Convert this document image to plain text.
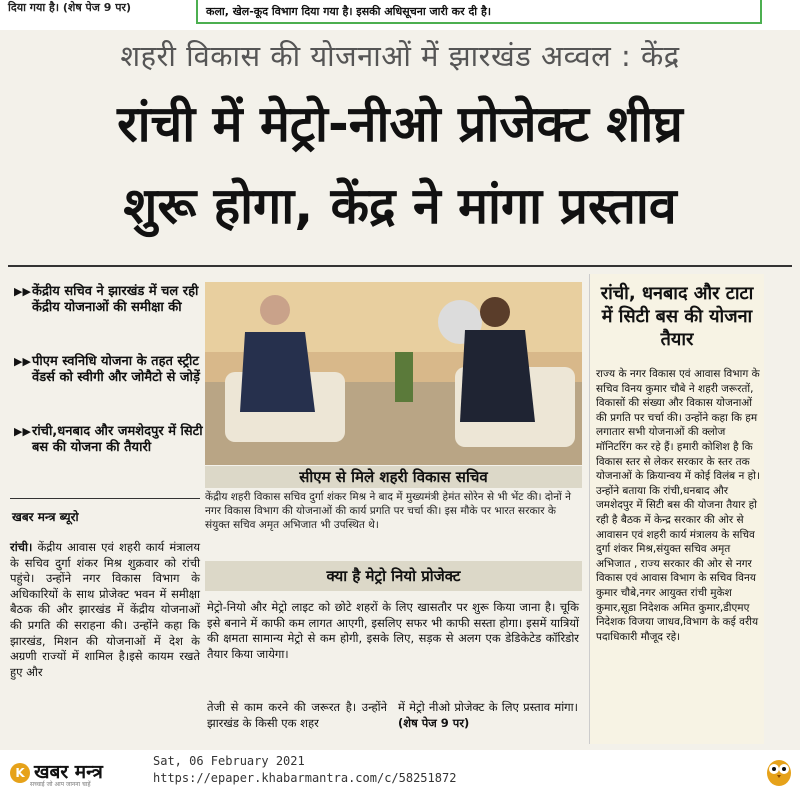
दिया गया है। (शेष पेज 9 पर)	कला, खेल-कूद विभाग दिया गया है। इसकी अधिसूचना जारी कर दी है।
शहरी विकास की योजनाओं में झारखंड अव्वल : केंद्र
रांची में मेट्रो-नीओ प्रोजेक्ट शीघ्र
शुरू होगा, केंद्र ने मांगा प्रस्ताव
▶▶ केंद्रीय सचिव ने झारखंड में चल रही केंद्रीय योजनाओं की समीक्षा की
▶▶ पीएम स्वनिधि योजना के तहत स्ट्रीट वेंडर्स को स्वीगी और जोमैटो से जोड़ें
▶▶ रांची,धनबाद और जमशेदपुर में सिटी बस की योजना की तैयारी
खबर मन्त्र ब्यूरो
रांची। केंद्रीय आवास एवं शहरी कार्य मंत्रालय के सचिव दुर्गा शंकर मिश्र शुक्रवार को रांची पहुंचे। उन्होंने नगर विकास विभाग के अधिकारियों के साथ प्रोजेक्ट भवन में समीक्षा बैठक की और झारखंड में केंद्रीय योजनाओं की प्रगति की सराहना की। उन्होंने कहा कि झारखंड, मिशन की योजनाओं में देश के अग्रणी राज्यों में शामिल है।इसे कायम रखते हुए और
सीएम से मिले शहरी विकास सचिव
केंद्रीय शहरी विकास सचिव दुर्गा शंकर मिश्र ने बाद में मुख्यमंत्री हेमंत सोरेन से भी भेंट की। दोनों ने नगर विकास विभाग की योजनाओं की कार्य प्रगति पर चर्चा की। इस मौके पर भारत सरकार के संयुक्त सचिव अमृत अभिजात भी उपस्थित थे।
क्या है मेट्रो नियो प्रोजेक्ट
मेट्रो-नियो और मेट्रो लाइट को छोटे शहरों के लिए खासतौर पर शुरू किया जाना है। चूकि इसे बनाने में काफी कम लागत आएगी, इसलिए सफर भी काफी सस्ता होगा। इसमें यात्रियों की क्षमता सामान्य मेट्रो से कम होगी, इसके लिए, सड़क से अलग एक डेडिकेटेड कॉरिडोर तैयार किया जायेगा।
तेजी से काम करने की जरूरत है। उन्होंने झारखंड के किसी एक शहर
में मेट्रो नीओ प्रोजेक्ट के लिए प्रस्ताव मांगा। (शेष पेज 9 पर)
रांची, धनबाद और टाटा में सिटी बस की योजना तैयार
राज्य के नगर विकास एवं आवास विभाग के सचिव विनय कुमार चौबे ने शहरी जरूरतों, विकासों की संख्या और विकास योजनाओं की प्रगति पर चर्चा की। उन्होंने कहा कि हम लगातार सभी योजनाओं की क्लोज मॉनिटरिंग कर रहे हैं। हमारी कोशिश है कि विकास स्तर से लेकर सरकार के स्तर तक योजनाओं के क्रियान्वय में कोई विलंब न हो। उन्होंने बताया कि रांची,धनबाद और जमशेदपुर में सिटी बस की योजना तैयार हो रही है बैठक में केन्द्र सरकार की ओर से आवासन एवं शहरी कार्य मंत्रालय के सचिव दुर्गा शंकर मिश्र,संयुक्त सचिव अमृत अभिजात , राज्य सरकार की ओर से नगर विकास एवं आवास विभाग के सचिव विनय कुमार चौबे,नगर आयुक्त रांची मुकेश कुमार,सूडा निदेशक अमित कुमार,डीएमए निदेशक विजया जाधव,विभाग के कई वरीय पदाधिकारी मौजूद रहे।
K खबर मन्त्र
सच्चाई जो आप जानना चाहें
Sat, 06 February 2021
https://epaper.khabarmantra.com/c/58251872
